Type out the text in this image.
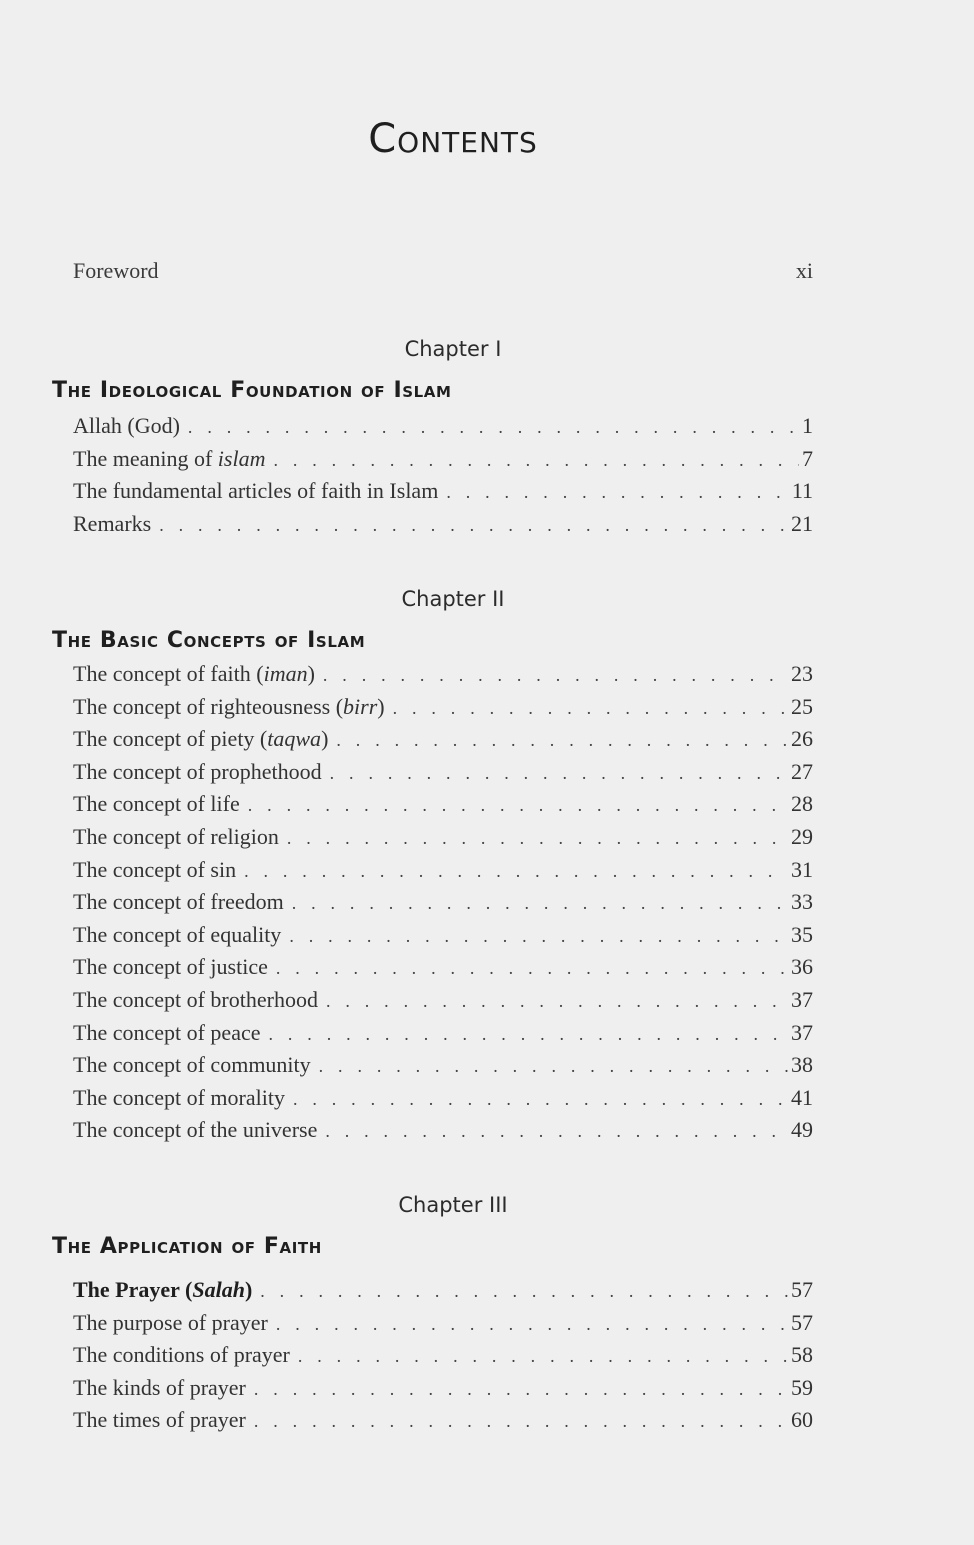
Contents
Foreword	xi
Chapter I
The Ideological Foundation of Islam
Allah (God) . . .	1
The meaning of islam . . .	7
The fundamental articles of faith in Islam . . .	11
Remarks . . .	21
Chapter II
The Basic Concepts of Islam
The concept of faith (iman) . . .	23
The concept of righteousness (birr) . . .	25
The concept of piety (taqwa) . . .	26
The concept of prophethood . . .	27
The concept of life . . .	28
The concept of religion . . .	29
The concept of sin . . .	31
The concept of freedom . . .	33
The concept of equality . . .	35
The concept of justice . . .	36
The concept of brotherhood . . .	37
The concept of peace . . .	37
The concept of community . . .	38
The concept of morality . . .	41
The concept of the universe . . .	49
Chapter III
The Application of Faith
The Prayer (Salah) . . .	57
The purpose of prayer . . .	57
The conditions of prayer . . .	58
The kinds of prayer . . .	59
The times of prayer . . .	60
